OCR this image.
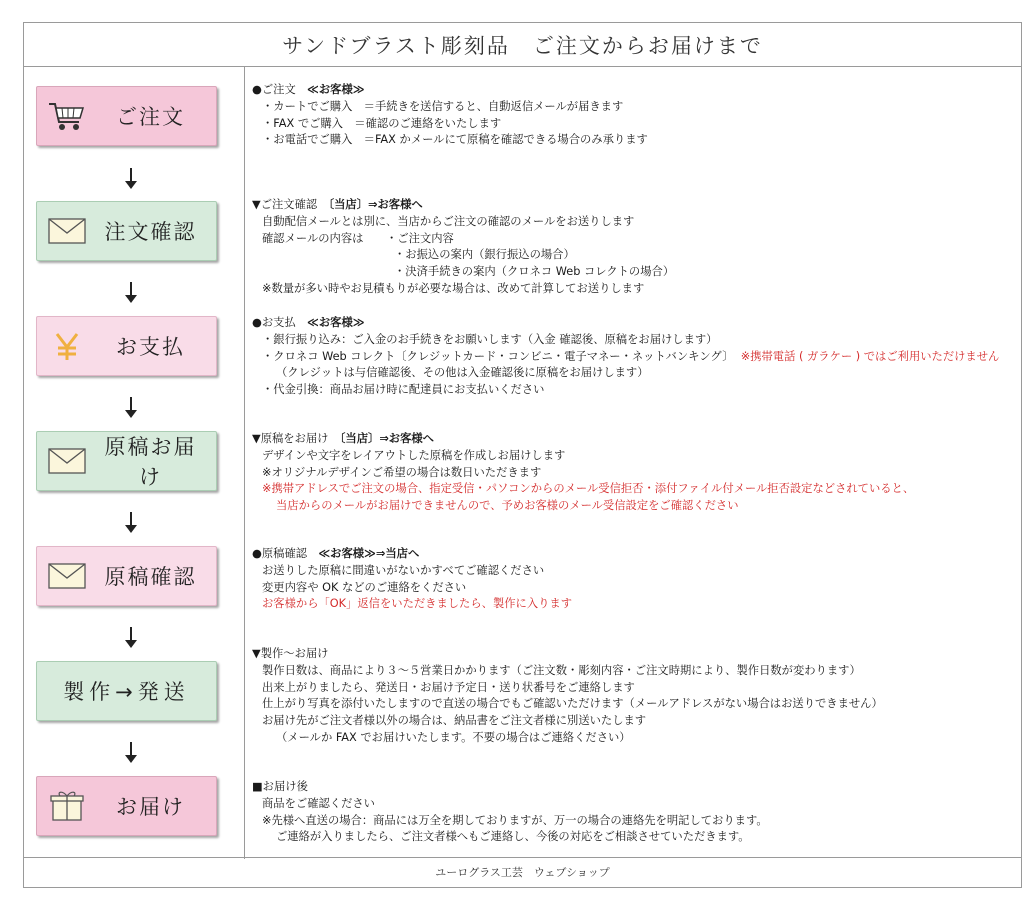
サンドブラスト彫刻品　ご注文からお届けまで
ユーログラス工芸　ウェブショップ
ご注文
注文確認
お支払
原稿お届け
原稿確認
製作→発送
お届け
●ご注文　≪お客様≫
・カートでご購入　＝手続きを送信すると、自動返信メールが届きます
・FAX でご購入　＝確認のご連絡をいたします
・お電話でご購入　＝FAX かメールにて原稿を確認できる場合のみ承ります
▼ご注文確認　〔当店〕⇒お客様へ
自動配信メールとは別に、当店からご注文の確認のメールをお送りします
確認メールの内容は　　・ご注文内容
・お振込の案内（銀行振込の場合）
・決済手続きの案内（クロネコ Web コレクトの場合）
※数量が多い時やお見積もりが必要な場合は、改めて計算してお送りします
●お支払　≪お客様≫
・銀行振り込み：ご入金のお手続きをお願いします（入金 確認後、原稿をお届けします）
・クロネコ Web コレクト〔クレジットカード・コンビニ・電子マネー・ネットバンキング〕 ※携帯電話 ( ガラケー ) ではご利用いただけません
（クレジットは与信確認後、その他は入金確認後に原稿をお届けします）
・代金引換：商品お届け時に配達員にお支払いください
▼原稿をお届け　〔当店〕⇒お客様へ
デザインや文字をレイアウトした原稿を作成しお届けします
※オリジナルデザインご希望の場合は数日いただきます
※携帯アドレスでご注文の場合、指定受信・パソコンからのメール受信拒否・添付ファイル付メール拒否設定などされていると、
当店からのメールがお届けできませんので、予めお客様のメール受信設定をご確認ください
●原稿確認　≪お客様≫⇒当店へ
お送りした原稿に間違いがないかすべてご確認ください
変更内容や OK などのご連絡をください
お客様から「OK」返信をいただきましたら、製作に入ります
▼製作～お届け
製作日数は、商品により３～５営業日かかります（ご注文数・彫刻内容・ご注文時期により、製作日数が変わります）
出来上がりましたら、発送日・お届け予定日・送り状番号をご連絡します
仕上がり写真を添付いたしますので直送の場合でもご確認いただけます（メールアドレスがない場合はお送りできません）
お届け先がご注文者様以外の場合は、納品書をご注文者様に別送いたします
（メールか FAX でお届けいたします。不要の場合はご連絡ください）
■お届け後
商品をご確認ください
※先様へ直送の場合：商品には万全を期しておりますが、万一の場合の連絡先を明記しております。
ご連絡が入りましたら、ご注文者様へもご連絡し、今後の対応をご相談させていただきます。
